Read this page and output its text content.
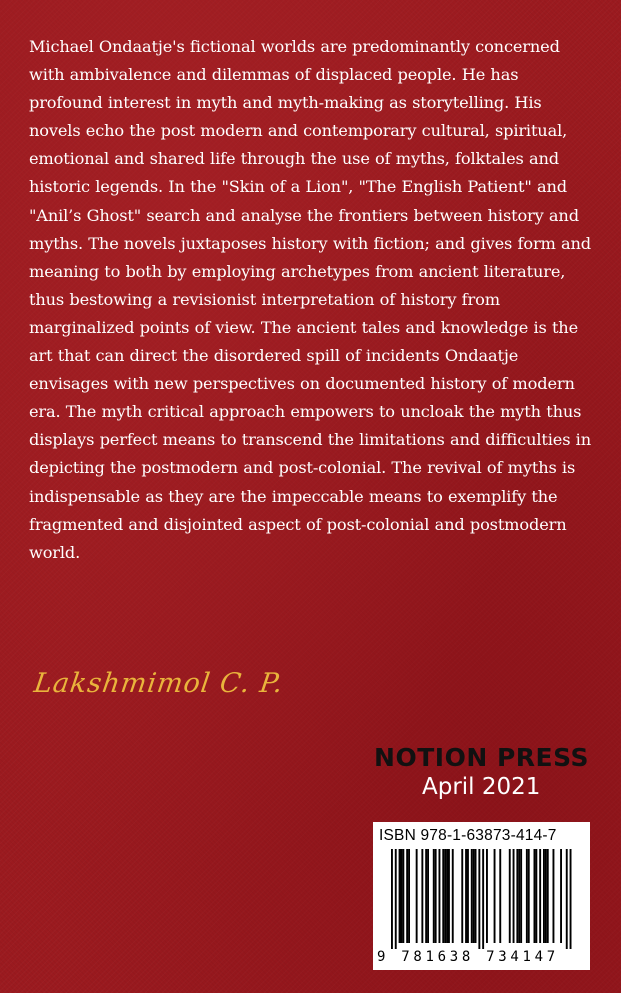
Michael Ondaatje's fictional worlds are predominantly concerned with ambivalence and dilemmas of displaced people. He has profound interest in myth and myth-making as storytelling. His novels echo the post modern and contemporary cultural, spiritual, emotional and shared life through the use of myths, folktales and historic legends. In the "Skin of a Lion", "The English Patient" and "Anil’s Ghost" search and analyse the frontiers between history and myths. The novels juxtaposes history with fiction; and gives form and meaning to both by employing archetypes from ancient literature, thus bestowing a revisionist interpretation of history from marginalized points of view. The ancient tales and knowledge is the art that can direct the disordered spill of incidents Ondaatje envisages with new perspectives on documented history of modern era. The myth critical approach empowers to uncloak the myth thus displays perfect means to transcend the limitations and difficulties in depicting the postmodern and post-colonial. The revival of myths is indispensable as they are the impeccable means to exemplify the fragmented and disjointed aspect of post-colonial and postmodern world.

Lakshmimol C. P.
NOTION PRESS
April 2021
ISBN 978-1-63873-414-7
9 781638 734147
